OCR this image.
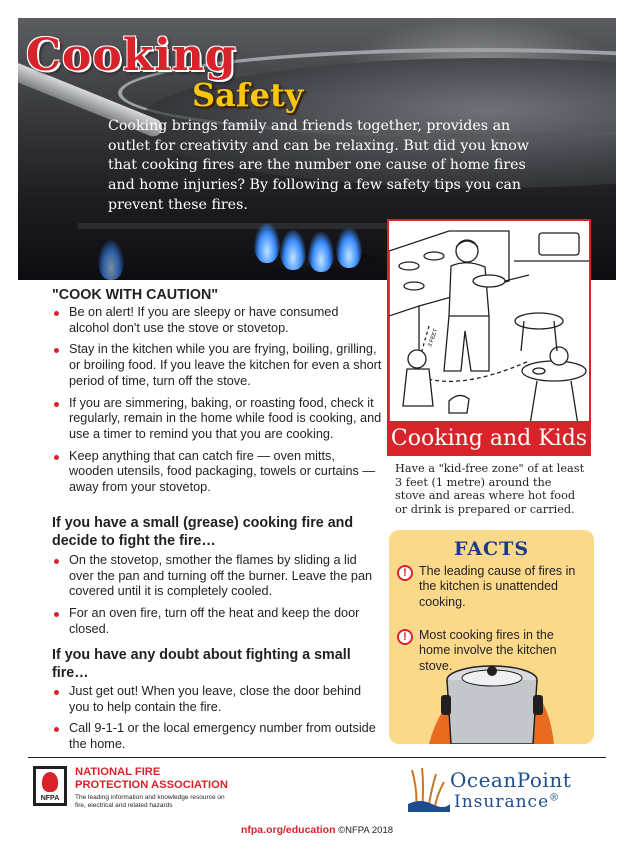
Cooking
Safety

Cooking brings family and friends together, provides an outlet for creativity and can be relaxing. But did you know that cooking fires are the number one cause of home fires and home injuries? By following a few safety tips you can prevent these fires.

3 FEET
Cooking and Kids

Have a "kid-free zone" of at least 3 feet (1 metre) around the stove and areas where hot food or drink is prepared or carried.

FACTS
! The leading cause of fires in the kitchen is unattended cooking.
! Most cooking fires in the home involve the kitchen stove.
"COOK WITH CAUTION"
Be on alert! If you are sleepy or have consumed alcohol don't use the stove or stovetop.
Stay in the kitchen while you are frying, boiling, grilling, or broiling food. If you leave the kitchen for even a short period of time, turn off the stove.
If you are simmering, baking, or roasting food, check it regularly, remain in the home while food is cooking, and use a timer to remind you that you are cooking.
Keep anything that can catch fire — oven mitts, wooden utensils, food packaging, towels or curtains — away from your stovetop.
If you have a small (grease) cooking fire and decide to fight the fire…
On the stovetop, smother the flames by sliding a lid over the pan and turning off the burner. Leave the pan covered until it is completely cooled.
For an oven fire, turn off the heat and keep the door closed.
If you have any doubt about fighting a small fire…
Just get out! When you leave, close the door behind you to help contain the fire.
Call 9-1-1 or the local emergency number from outside the home.
NFPA
NATIONAL FIRE PROTECTION ASSOCIATION
The leading information and knowledge resource on fire, electrical and related hazards
OceanPoint
Insurance®
nfpa.org/education ©NFPA 2018
